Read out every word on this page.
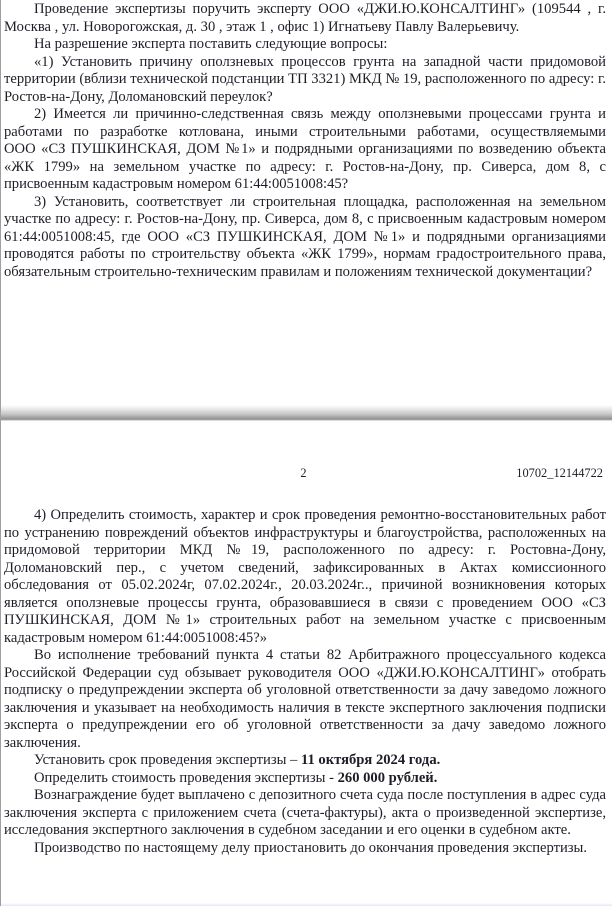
Проведение экспертизы поручить эксперту ООО «ДЖИ.Ю.КОНСАЛТИНГ» (109544 , г. Москва , ул. Новорогожская, д. 30 , этаж 1 , офис 1) Игнатьеву Павлу Валерьевичу.

На разрешение эксперта поставить следующие вопросы:

«1) Установить причину оползневых процессов грунта на западной части придомовой территории (вблизи технической подстанции ТП 3321) МКД № 19, расположенного по адресу: г. Ростов-на-Дону, Доломановский переулок?

2) Имеется ли причинно-следственная связь между оползневыми процессами грунта и работами по разработке котлована, иными строительными работами, осуществляемыми ООО «СЗ ПУШКИНСКАЯ, ДОМ №1» и подрядными организациями по возведению объекта «ЖК 1799» на земельном участке по адресу: г. Ростов-на-Дону, пр. Сиверса, дом 8, с присвоенным кадастровым номером 61:44:0051008:45?

3) Установить, соответствует ли строительная площадка, расположенная на земельном участке по адресу: г. Ростов-на-Дону, пр. Сиверса, дом 8, с присвоенным кадастровым номером 61:44:0051008:45, где ООО «СЗ ПУШКИНСКАЯ, ДОМ №1» и подрядными организациями проводятся работы по строительству объекта «ЖК 1799», нормам градостроительного права, обязательным строительно-техническим правилам и положениям технической документации?

2	10702_12144722

4) Определить стоимость, характер и срок проведения ремонтно-восстановительных работ по устранению повреждений объектов инфраструктуры и благоустройства, расположенных на придомовой территории МКД №19, расположенного по адресу: г. Ростовна-Дону, Доломановский пер., с учетом сведений, зафиксированных в Актах комиссионного обследования от 05.02.2024г, 07.02.2024г., 20.03.2024г.., причиной возникновения которых является оползневые процессы грунта, образовавшиеся в связи с проведением ООО «СЗ ПУШКИНСКАЯ, ДОМ №1» строительных работ на земельном участке с присвоенным кадастровым номером 61:44:0051008:45?»

Во исполнение требований пункта 4 статьи 82 Арбитражного процессуального кодекса Российской Федерации суд обзывает руководителя ООО «ДЖИ.Ю.КОНСАЛТИНГ» отобрать подписку о предупреждении эксперта об уголовной ответственности за дачу заведомо ложного заключения и указывает на необходимость наличия в тексте экспертного заключения подписки эксперта о предупреждении его об уголовной ответственности за дачу заведомо ложного заключения.

Установить срок проведения экспертизы – 11 октября 2024 года.

Определить стоимость проведения экспертизы - 260 000 рублей.

Вознаграждение будет выплачено с депозитного счета суда после поступления в адрес суда заключения эксперта с приложением счета (счета-фактуры), акта о произведенной экспертизе, исследования экспертного заключения в судебном заседании и его оценки в судебном акте.

Производство по настоящему делу приостановить до окончания проведения экспертизы.
